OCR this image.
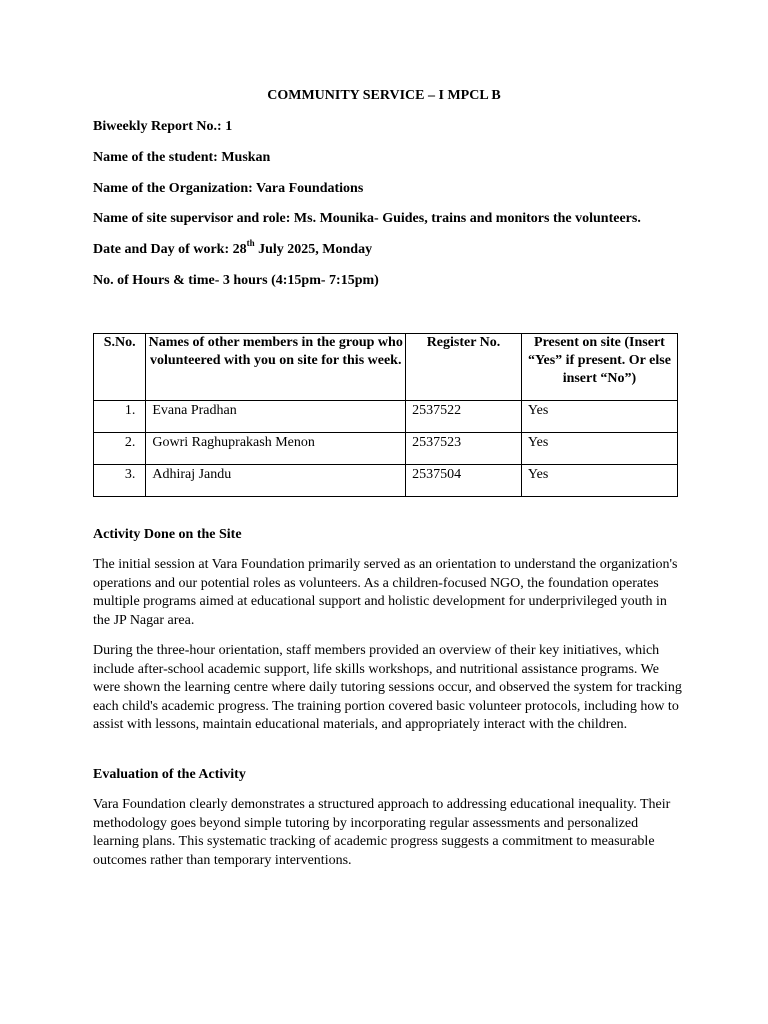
COMMUNITY SERVICE – I MPCL B
Biweekly Report No.: 1
Name of the student: Muskan
Name of the Organization: Vara Foundations
Name of site supervisor and role: Ms. Mounika- Guides, trains and monitors the volunteers.
Date and Day of work: 28th July 2025, Monday
No. of Hours & time- 3 hours (4:15pm- 7:15pm)
S.No.	Names of other members in the group who volunteered with you on site for this week.	Register No.	Present on site (Insert “Yes” if present. Or else insert “No”)
1.	Evana Pradhan	2537522	Yes
2.	Gowri Raghuprakash Menon	2537523	Yes
3.	Adhiraj Jandu	2537504	Yes
Activity Done on the Site
The initial session at Vara Foundation primarily served as an orientation to understand the organization's operations and our potential roles as volunteers. As a children-focused NGO, the foundation operates multiple programs aimed at educational support and holistic development for underprivileged youth in the JP Nagar area.
During the three-hour orientation, staff members provided an overview of their key initiatives, which include after-school academic support, life skills workshops, and nutritional assistance programs. We were shown the learning centre where daily tutoring sessions occur, and observed the system for tracking each child's academic progress. The training portion covered basic volunteer protocols, including how to assist with lessons, maintain educational materials, and appropriately interact with the children.
Evaluation of the Activity
Vara Foundation clearly demonstrates a structured approach to addressing educational inequality. Their methodology goes beyond simple tutoring by incorporating regular assessments and personalized learning plans. This systematic tracking of academic progress suggests a commitment to measurable outcomes rather than temporary interventions.
